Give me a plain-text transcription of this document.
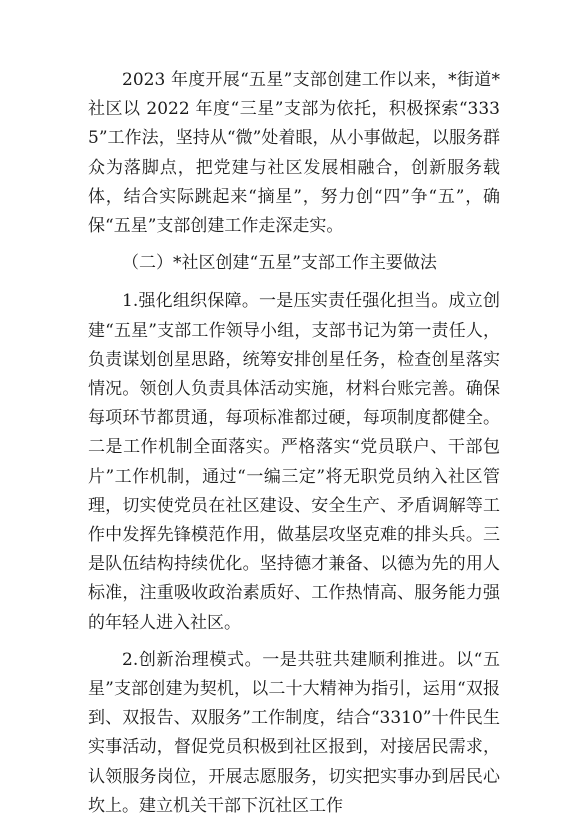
2023 年度开展“五星”支部创建工作以来，*街道*社区以 2022 年度“三星”支部为依托，积极探索“3335”工作法，坚持从“微”处着眼，从小事做起，以服务群众为落脚点，把党建与社区发展相融合，创新服务载体，结合实际跳起来“摘星”，努力创“四”争“五”，确保“五星”支部创建工作走深走实。

（二）*社区创建“五星”支部工作主要做法

1.强化组织保障。一是压实责任强化担当。成立创建“五星”支部工作领导小组，支部书记为第一责任人，负责谋划创星思路，统筹安排创星任务，检查创星落实情况。领创人负责具体活动实施，材料台账完善。确保每项环节都贯通，每项标准都过硬，每项制度都健全。二是工作机制全面落实。严格落实“党员联户、干部包片”工作机制，通过“一编三定”将无职党员纳入社区管理，切实使党员在社区建设、安全生产、矛盾调解等工作中发挥先锋模范作用，做基层攻坚克难的排头兵。三是队伍结构持续优化。坚持德才兼备、以德为先的用人标准，注重吸收政治素质好、工作热情高、服务能力强的年轻人进入社区。

2.创新治理模式。一是共驻共建顺利推进。以“五星”支部创建为契机，以二十大精神为指引，运用“双报到、双报告、双服务”工作制度，结合“3310”十件民生实事活动，督促党员积极到社区报到，对接居民需求，认领服务岗位，开展志愿服务，切实把实事办到居民心坎上。建立机关干部下沉社区工作
